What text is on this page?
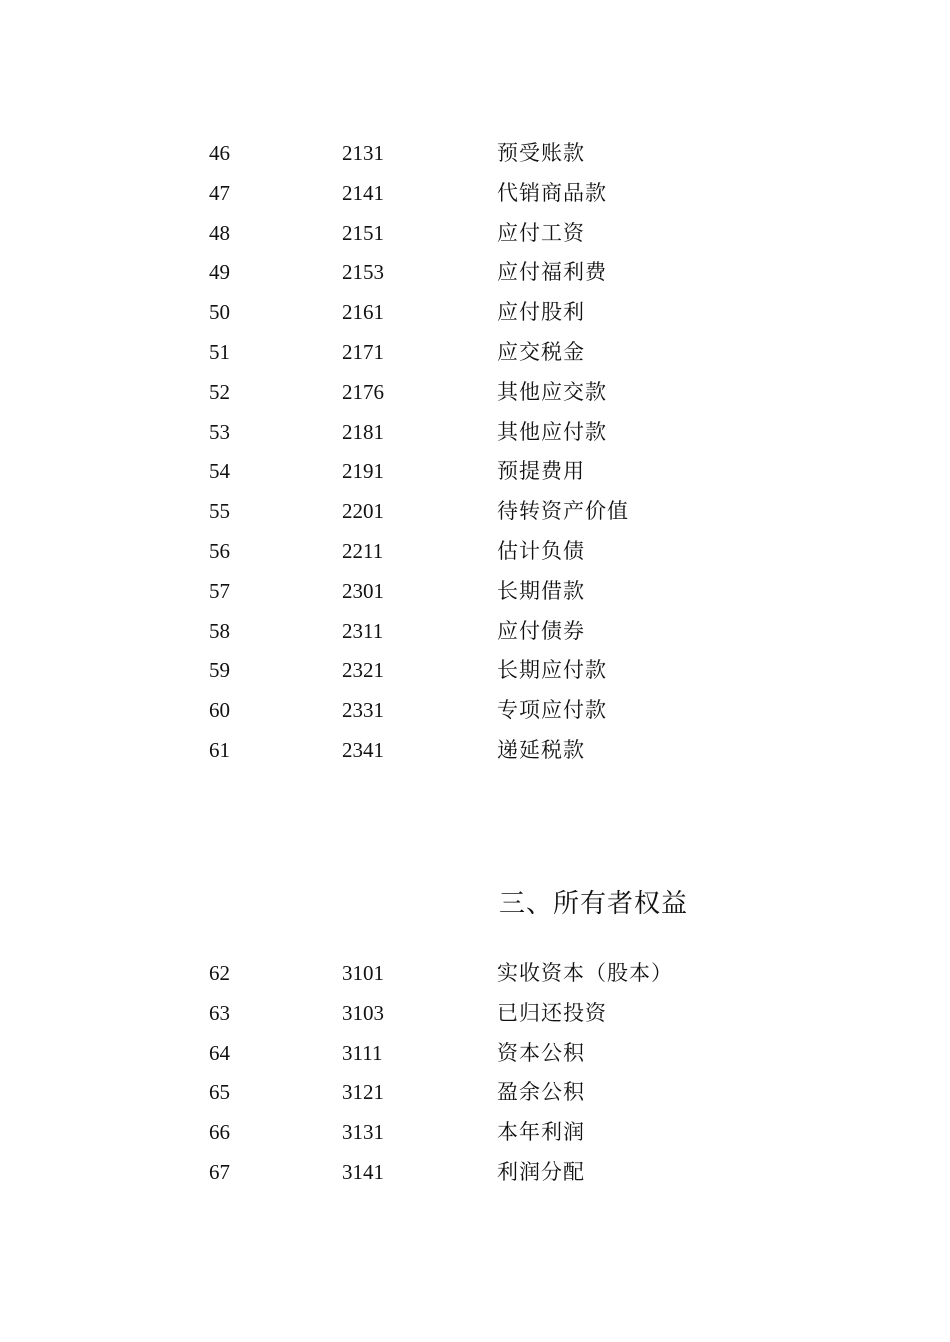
46	2131	预受账款
47	2141	代销商品款
48	2151	应付工资
49	2153	应付福利费
50	2161	应付股利
51	2171	应交税金
52	2176	其他应交款
53	2181	其他应付款
54	2191	预提费用
55	2201	待转资产价值
56	2211	估计负债
57	2301	长期借款
58	2311	应付债券
59	2321	长期应付款
60	2331	专项应付款
61	2341	递延税款
三、所有者权益
62	3101	实收资本（股本）
63	3103	已归还投资
64	3111	资本公积
65	3121	盈余公积
66	3131	本年利润
67	3141	利润分配
